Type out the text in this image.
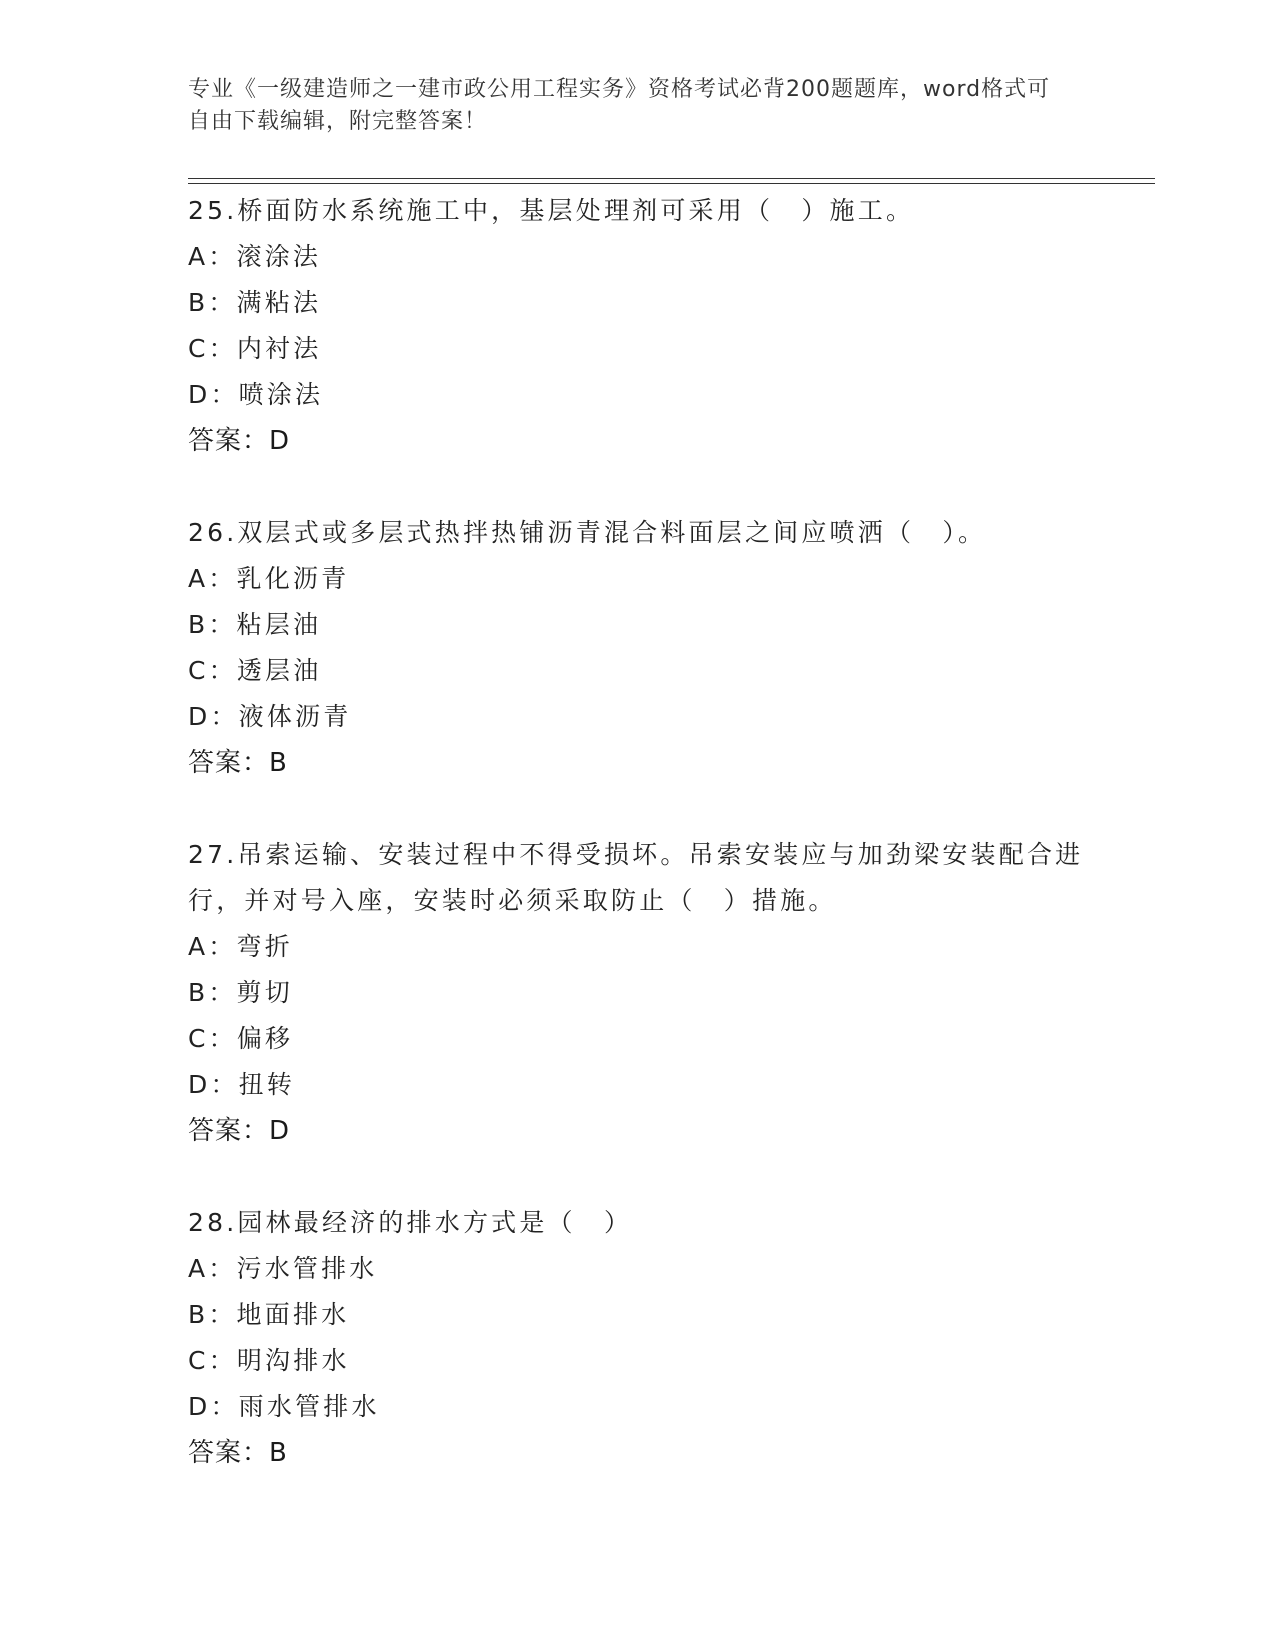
专业《一级建造师之一建市政公用工程实务》资格考试必背200题题库，word格式可自由下载编辑，附完整答案！
25.桥面防水系统施工中，基层处理剂可采用（　）施工。
A：滚涂法
B：满粘法
C：内衬法
D：喷涂法
答案：D
26.双层式或多层式热拌热铺沥青混合料面层之间应喷洒（　）。
A：乳化沥青
B：粘层油
C：透层油
D：液体沥青
答案：B
27.吊索运输、安装过程中不得受损坏。吊索安装应与加劲梁安装配合进行，并对号入座，安装时必须采取防止（　）措施。
A：弯折
B：剪切
C：偏移
D：扭转
答案：D
28.园林最经济的排水方式是（　）
A：污水管排水
B：地面排水
C：明沟排水
D：雨水管排水
答案：B
